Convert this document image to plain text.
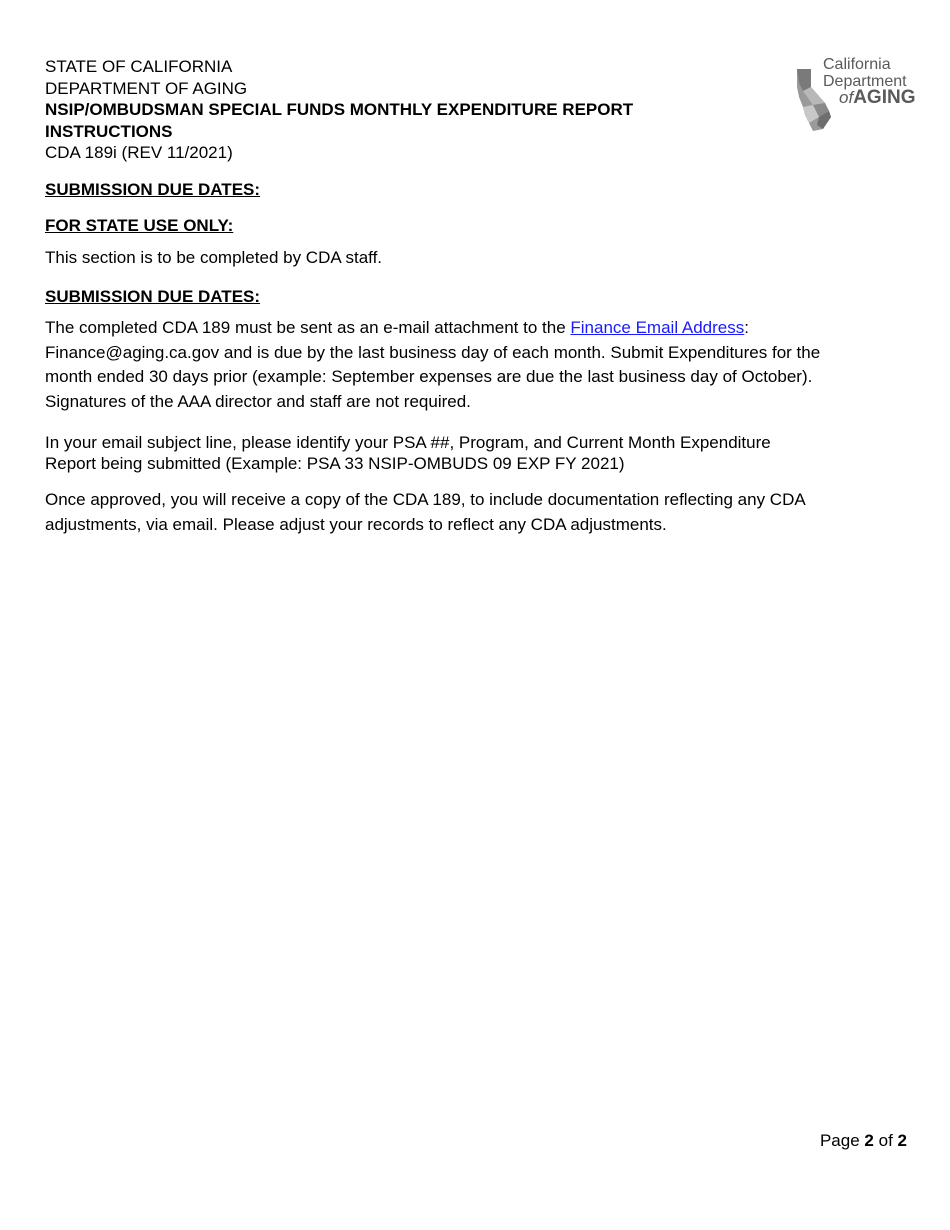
STATE OF CALIFORNIA
DEPARTMENT OF AGING
NSIP/OMBUDSMAN SPECIAL FUNDS MONTHLY EXPENDITURE REPORT
INSTRUCTIONS
CDA 189i (REV 11/2021)
California
Department
ofAGING
SUBMISSION DUE DATES:
FOR STATE USE ONLY:
This section is to be completed by CDA staff.
SUBMISSION DUE DATES:
The completed CDA 189 must be sent as an e-mail attachment to the Finance Email Address:
Finance@aging.ca.gov and is due by the last business day of each month. Submit Expenditures for the
month ended 30 days prior (example: September expenses are due the last business day of October).
Signatures of the AAA director and staff are not required.
In your email subject line, please identify your PSA ##, Program, and Current Month Expenditure
Report being submitted (Example: PSA 33 NSIP-OMBUDS 09 EXP FY 2021)
Once approved, you will receive a copy of the CDA 189, to include documentation reflecting any CDA
adjustments, via email. Please adjust your records to reflect any CDA adjustments.
Page 2 of 2
